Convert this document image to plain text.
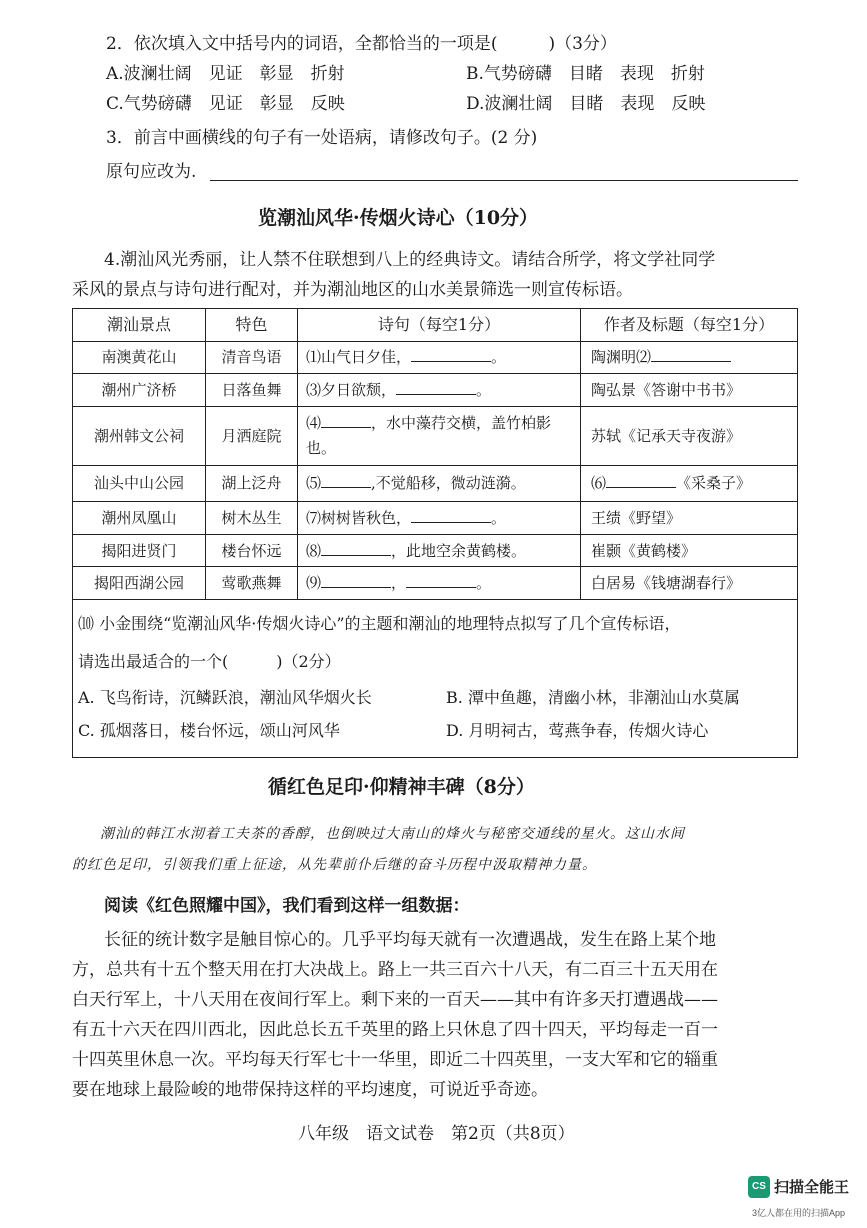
2．依次填入文中括号内的词语，全都恰当的一项是(　　　)（3分）
A.波澜壮阔　见证　彰显　折射	B.气势磅礴　目睹　表现　折射
C.气势磅礴　见证　彰显　反映	D.波澜壮阔　目睹　表现　反映
3．前言中画横线的句子有一处语病，请修改句子。(2 分)
原句应改为.
览潮汕风华·传烟火诗心（10分）
4.潮汕风光秀丽，让人禁不住联想到八上的经典诗文。请结合所学，将文学社同学
采风的景点与诗句进行配对，并为潮汕地区的山水美景筛选一则宣传标语。
潮汕景点	特色	诗句（每空1分）	作者及标题（每空1分）
南澳黄花山	清音鸟语	⑴山气日夕佳， 。	陶渊明⑵
潮州广济桥	日落鱼舞	⑶夕日欲颓， 。	陶弘景《答谢中书书》
潮州韩文公祠	月洒庭院	⑷ ，水中藻荇交横，盖竹柏影也。	苏轼《记承天寺夜游》
汕头中山公园	湖上泛舟	⑸ ,不觉船移，微动涟漪。	⑹ 《采桑子》
潮州凤凰山	树木丛生	⑺树树皆秋色， 。	王绩《野望》
揭阳进贤门	楼台怀远	⑻ ，此地空余黄鹤楼。	崔颢《黄鹤楼》
揭阳西湖公园	莺歌燕舞	⑼ ， 。	白居易《钱塘湖春行》
⑽ 小金围绕“览潮汕风华·传烟火诗心”的主题和潮汕的地理特点拟写了几个宣传标语，
请选出最适合的一个(　　　)（2分）
A. 飞鸟衔诗，沉鳞跃浪，潮汕风华烟火长	B. 潭中鱼趣，清幽小林，非潮汕山水莫属
C. 孤烟落日，楼台怀远，颂山河风华	D. 月明祠古，莺燕争春，传烟火诗心
循红色足印·仰精神丰碑（8分）
潮汕的韩江水沏着工夫茶的香醇，也倒映过大南山的烽火与秘密交通线的星火。这山水间
的红色足印，引领我们重上征途，从先辈前仆后继的奋斗历程中汲取精神力量。
阅读《红色照耀中国》，我们看到这样一组数据：
长征的统计数字是触目惊心的。几乎平均每天就有一次遭遇战，发生在路上某个地
方，总共有十五个整天用在打大决战上。路上一共三百六十八天，有二百三十五天用在
白天行军上，十八天用在夜间行军上。剩下来的一百天——其中有许多天打遭遇战——
有五十六天在四川西北，因此总长五千英里的路上只休息了四十四天，平均每走一百一
十四英里休息一次。平均每天行军七十一华里，即近二十四英里，一支大军和它的辎重
要在地球上最险峻的地带保持这样的平均速度，可说近乎奇迹。
八年级　语文试卷　第2页（共8页）
CS 扫描全能王
3亿人都在用的扫描App
